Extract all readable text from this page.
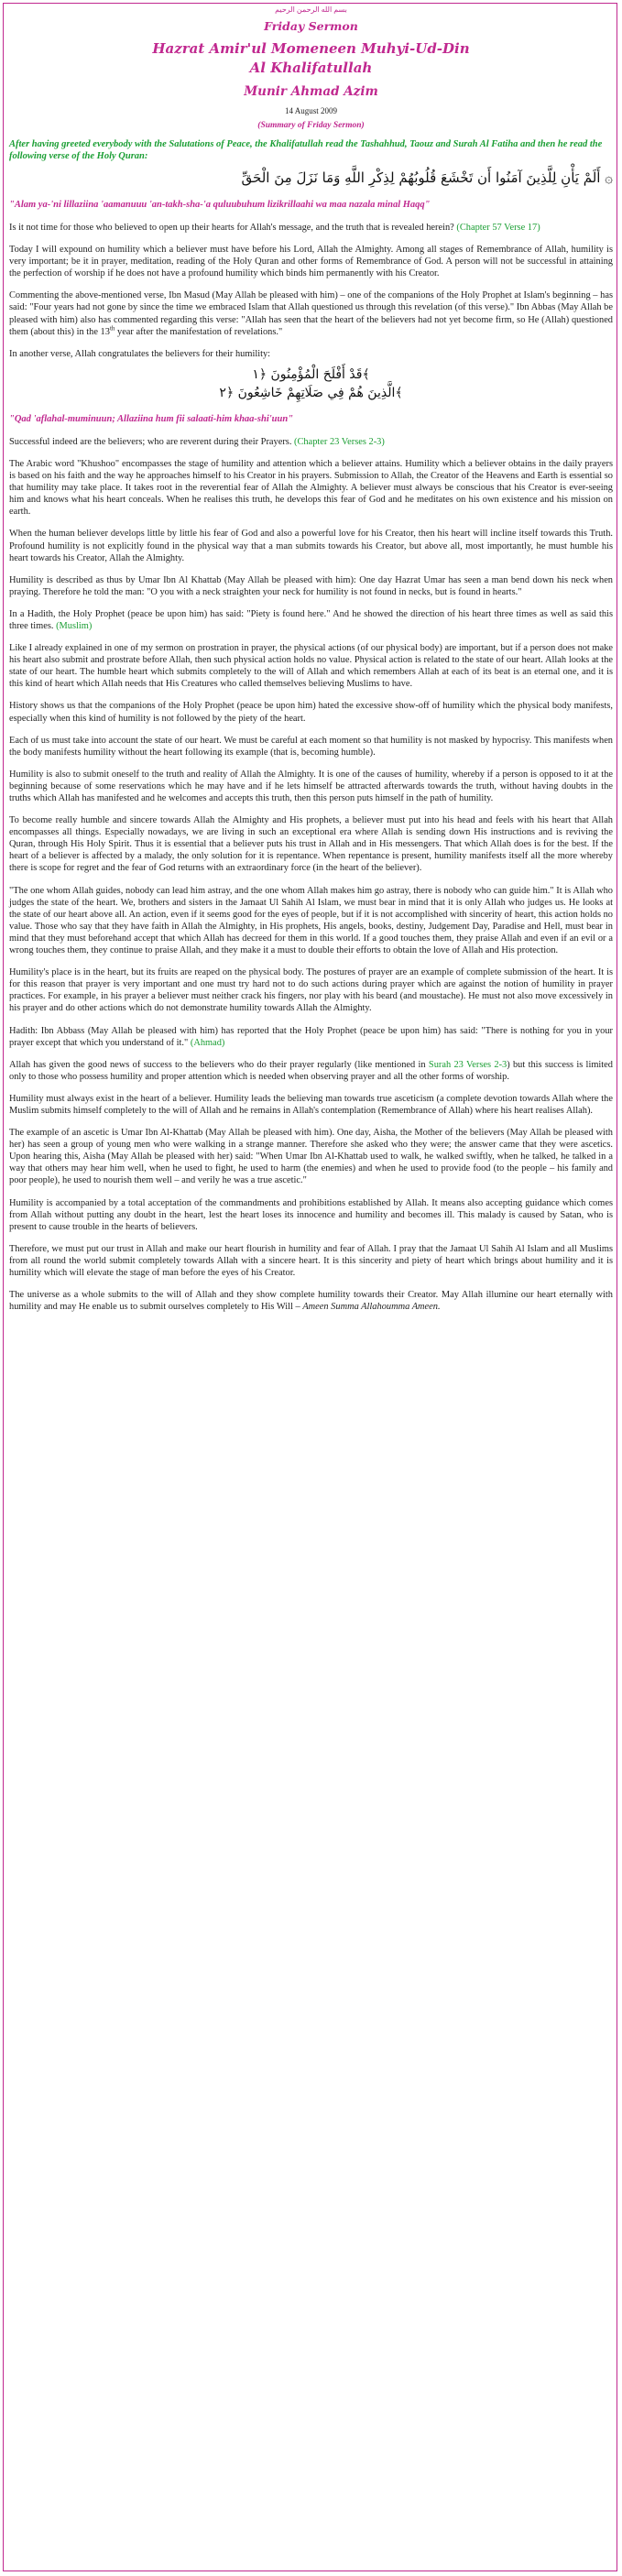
بسم الله الرحمن الرحيم
Friday Sermon
Hazrat Amir'ul Momeneen Muhyi-Ud-Din
Al Khalifatullah
Munir Ahmad Azim
14 August 2009
(Summary of Friday Sermon)
After having greeted everybody with the Salutations of Peace, the Khalifatullah read the Tashahhud, Taouz and Surah Al Fatiha and then he read the following verse of the Holy Quran:
۞ أَلَمْ يَأْنِ لِلَّذِينَ آمَنُوا أَن تَخْشَعَ قُلُوبُهُمْ لِذِكْرِ اللَّهِ وَمَا نَزَلَ مِنَ الْحَقِّ
"Alam ya-'ni lillaziina 'aamanuuu 'an-takh-sha-'a quluubuhum lizikrillaahi wa maa nazala minal Haqq"

Is it not time for those who believed to open up their hearts for Allah's message, and the truth that is revealed herein? (Chapter 57 Verse 17)

Today I will expound on humility which a believer must have before his Lord, Allah the Almighty. Among all stages of Remembrance of Allah, humility is very important; be it in prayer, meditation, reading of the Holy Quran and other forms of Remembrance of God. A person will not be successful in attaining the perfection of worship if he does not have a profound humility which binds him permanently with his Creator.

Commenting the above-mentioned verse, Ibn Masud (May Allah be pleased with him) – one of the companions of the Holy Prophet at Islam's beginning – has said: "Four years had not gone by since the time we embraced Islam that Allah questioned us through this revelation (of this verse)." Ibn Abbas (May Allah be pleased with him) also has commented regarding this verse: "Allah has seen that the heart of the believers had not yet become firm, so He (Allah) questioned them (about this) in the 13th year after the manifestation of revelations."

In another verse, Allah congratulates the believers for their humility:

قَدْ أَفْلَحَ الْمُؤْمِنُونَ ﴿١﴾
الَّذِينَ هُمْ فِي صَلَاتِهِمْ خَاشِعُونَ ﴿٢﴾
"Qad 'aflahal-muminuun; Allaziina hum fii salaati-him khaa-shi'uun"

Successful indeed are the believers; who are reverent during their Prayers. (Chapter 23 Verses 2-3)

The Arabic word "Khushoo" encompasses the stage of humility and attention which a believer attains. Humility which a believer obtains in the daily prayers is based on his faith and the way he approaches himself to his Creator in his prayers. Submission to Allah, the Creator of the Heavens and Earth is essential so that humility may take place. It takes root in the reverential fear of Allah the Almighty. A believer must always be conscious that his Creator is ever-seeing him and knows what his heart conceals. When he realises this truth, he develops this fear of God and he meditates on his own existence and his mission on earth.

When the human believer develops little by little his fear of God and also a powerful love for his Creator, then his heart will incline itself towards this Truth. Profound humility is not explicitly found in the physical way that a man submits towards his Creator, but above all, most importantly, he must humble his heart towards his Creator, Allah the Almighty.

Humility is described as thus by Umar Ibn Al Khattab (May Allah be pleased with him): One day Hazrat Umar has seen a man bend down his neck when praying. Therefore he told the man: "O you with a neck straighten your neck for humility is not found in necks, but is found in hearts."

In a Hadith, the Holy Prophet (peace be upon him) has said: "Piety is found here." And he showed the direction of his heart three times as well as said this three times. (Muslim)

Like I already explained in one of my sermon on prostration in prayer, the physical actions (of our physical body) are important, but if a person does not make his heart also submit and prostrate before Allah, then such physical action holds no value. Physical action is related to the state of our heart. Allah looks at the state of our heart. The humble heart which submits completely to the will of Allah and which remembers Allah at each of its beat is an eternal one, and it is this kind of heart which Allah needs that His Creatures who called themselves believing Muslims to have.

History shows us that the companions of the Holy Prophet (peace be upon him) hated the excessive show-off of humility which the physical body manifests, especially when this kind of humility is not followed by the piety of the heart.

Each of us must take into account the state of our heart. We must be careful at each moment so that humility is not masked by hypocrisy. This manifests when the body manifests humility without the heart following its example (that is, becoming humble).

Humility is also to submit oneself to the truth and reality of Allah the Almighty. It is one of the causes of humility, whereby if a person is opposed to it at the beginning because of some reservations which he may have and if he lets himself be attracted afterwards towards the truth, without having doubts in the truths which Allah has manifested and he welcomes and accepts this truth, then this person puts himself in the path of humility.

To become really humble and sincere towards Allah the Almighty and His prophets, a believer must put into his head and feels with his heart that Allah encompasses all things. Especially nowadays, we are living in such an exceptional era where Allah is sending down His instructions and is reviving the Quran, through His Holy Spirit. Thus it is essential that a believer puts his trust in Allah and in His messengers. That which Allah does is for the best. If the heart of a believer is affected by a malady, the only solution for it is repentance. When repentance is present, humility manifests itself all the more whereby there is scope for regret and the fear of God returns with an extraordinary force (in the heart of the believer).

"The one whom Allah guides, nobody can lead him astray, and the one whom Allah makes him go astray, there is nobody who can guide him." It is Allah who judges the state of the heart. We, brothers and sisters in the Jamaat Ul Sahih Al Islam, we must bear in mind that it is only Allah who judges us. He looks at the state of our heart above all. An action, even if it seems good for the eyes of people, but if it is not accomplished with sincerity of heart, this action holds no value. Those who say that they have faith in Allah the Almighty, in His prophets, His angels, books, destiny, Judgement Day, Paradise and Hell, must bear in mind that they must beforehand accept that which Allah has decreed for them in this world. If a good touches them, they praise Allah and even if an evil or a wrong touches them, they continue to praise Allah, and they make it a must to double their efforts to obtain the love of Allah and His protection.

Humility's place is in the heart, but its fruits are reaped on the physical body. The postures of prayer are an example of complete submission of the heart. It is for this reason that prayer is very important and one must try hard not to do such actions during prayer which are against the notion of humility in prayer practices. For example, in his prayer a believer must neither crack his fingers, nor play with his beard (and moustache). He must not also move excessively in his prayer and do other actions which do not demonstrate humility towards Allah the Almighty.

Hadith: Ibn Abbass (May Allah be pleased with him) has reported that the Holy Prophet (peace be upon him) has said: "There is nothing for you in your prayer except that which you understand of it." (Ahmad)

Allah has given the good news of success to the believers who do their prayer regularly (like mentioned in Surah 23 Verses 2-3) but this success is limited only to those who possess humility and proper attention which is needed when observing prayer and all the other forms of worship.

Humility must always exist in the heart of a believer. Humility leads the believing man towards true asceticism (a complete devotion towards Allah where the Muslim submits himself completely to the will of Allah and he remains in Allah's contemplation (Remembrance of Allah) where his heart realises Allah).

The example of an ascetic is Umar Ibn Al-Khattab (May Allah be pleased with him). One day, Aisha, the Mother of the believers (May Allah be pleased with her) has seen a group of young men who were walking in a strange manner. Therefore she asked who they were; the answer came that they were ascetics. Upon hearing this, Aisha (May Allah be pleased with her) said: "When Umar Ibn Al-Khattab used to walk, he walked swiftly, when he talked, he talked in a way that others may hear him well, when he used to fight, he used to harm (the enemies) and when he used to provide food (to the people – his family and poor people), he used to nourish them well – and verily he was a true ascetic."

Humility is accompanied by a total acceptation of the commandments and prohibitions established by Allah. It means also accepting guidance which comes from Allah without putting any doubt in the heart, lest the heart loses its innocence and humility and becomes ill. This malady is caused by Satan, who is present to cause trouble in the hearts of believers.

Therefore, we must put our trust in Allah and make our heart flourish in humility and fear of Allah. I pray that the Jamaat Ul Sahih Al Islam and all Muslims from all round the world submit completely towards Allah with a sincere heart. It is this sincerity and piety of heart which brings about humility and it is humility which will elevate the stage of man before the eyes of his Creator.

The universe as a whole submits to the will of Allah and they show complete humility towards their Creator. May Allah illumine our heart eternally with humility and may He enable us to submit ourselves completely to His Will – Ameen Summa Allahoumma Ameen.
